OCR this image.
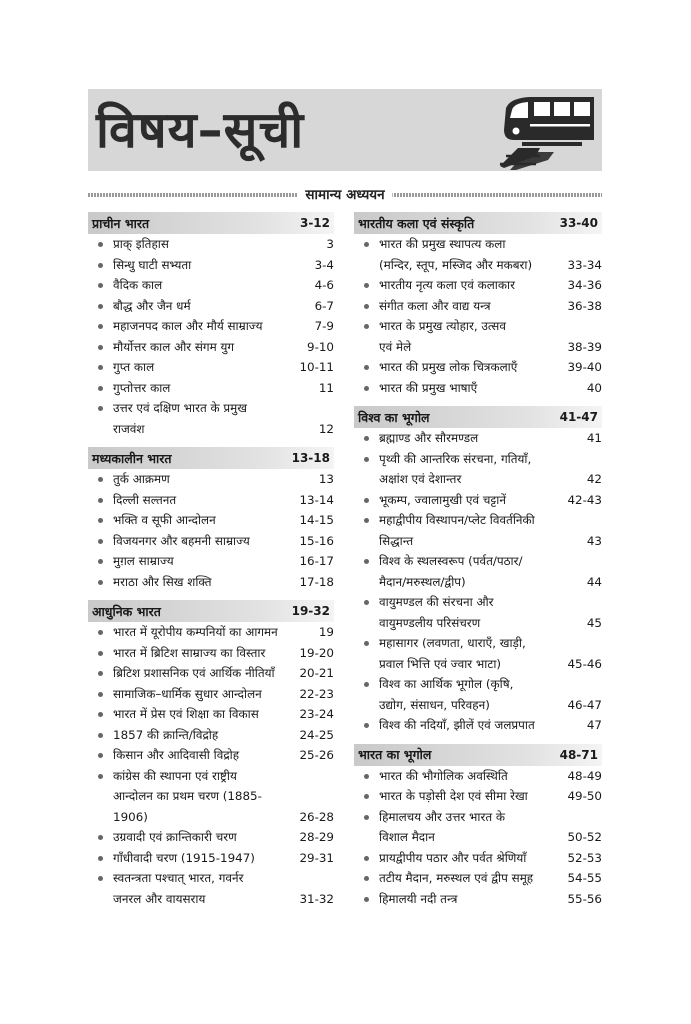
विषय–सूची
सामान्य अध्ययन
प्राचीन भारत	3-12
प्राक् इतिहास	3
सिन्धु घाटी सभ्यता	3-4
वैदिक काल	4-6
बौद्ध और जैन धर्म	6-7
महाजनपद काल और मौर्य साम्राज्य	7-9
मौर्योत्तर काल और संगम युग	9-10
गुप्त काल	10-11
गुप्तोत्तर काल	11
उत्तर एवं दक्षिण भारत के प्रमुख
राजवंश	12
मध्यकालीन भारत	13-18
तुर्क आक्रमण	13
दिल्ली सल्तनत	13-14
भक्ति व सूफी आन्दोलन	14-15
विजयनगर और बहमनी साम्राज्य	15-16
मुग़ल साम्राज्य	16-17
मराठा और सिख शक्ति	17-18
आधुनिक भारत	19-32
भारत में यूरोपीय कम्पनियों का आगमन	19
भारत में ब्रिटिश साम्राज्य का विस्तार	19-20
ब्रिटिश प्रशासनिक एवं आर्थिक नीतियाँ	20-21
सामाजिक–धार्मिक सुधार आन्दोलन	22-23
भारत में प्रेस एवं शिक्षा का विकास	23-24
1857 की क्रान्ति/विद्रोह	24-25
किसान और आदिवासी विद्रोह	25-26
कांग्रेस की स्थापना एवं राष्ट्रीय
आन्दोलन का प्रथम चरण (1885-1906)	26-28
उग्रवादी एवं क्रान्तिकारी चरण	28-29
गाँधीवादी चरण (1915-1947)	29-31
स्वतन्त्रता पश्चात् भारत, गवर्नर
जनरल और वायसराय	31-32
भारतीय कला एवं संस्कृति	33-40
भारत की प्रमुख स्थापत्य कला
(मन्दिर, स्तूप, मस्जिद और मकबरा)	33-34
भारतीय नृत्य कला एवं कलाकार	34-36
संगीत कला और वाद्य यन्त्र	36-38
भारत के प्रमुख त्योहार, उत्सव
एवं मेले	38-39
भारत की प्रमुख लोक चित्रकलाएँ	39-40
भारत की प्रमुख भाषाएँ	40
विश्व का भूगोल	41-47
ब्रह्माण्ड और सौरमण्डल	41
पृथ्वी की आन्तरिक संरचना, गतियाँ,
अक्षांश एवं देशान्तर	42
भूकम्प, ज्वालामुखी एवं चट्टानें	42-43
महाद्वीपीय विस्थापन/प्लेट विवर्तनिकी
सिद्धान्त	43
विश्व के स्थलस्वरूप (पर्वत/पठार/
मैदान/मरुस्थल/द्वीप)	44
वायुमण्डल की संरचना और
वायुमण्डलीय परिसंचरण	45
महासागर (लवणता, धाराएँ, खाड़ी,
प्रवाल भित्ति एवं ज्वार भाटा)	45-46
विश्व का आर्थिक भूगोल (कृषि,
उद्योग, संसाधन, परिवहन)	46-47
विश्व की नदियाँ, झीलें एवं जलप्रपात	47
भारत का भूगोल	48-71
भारत की भौगोलिक अवस्थिति	48-49
भारत के पड़ोसी देश एवं सीमा रेखा	49-50
हिमालचय और उत्तर भारत के
विशाल मैदान	50-52
प्रायद्वीपीय पठार और पर्वत श्रेणियाँ	52-53
तटीय मैदान, मरुस्थल एवं द्वीप समूह	54-55
हिमालयी नदी तन्त्र	55-56
